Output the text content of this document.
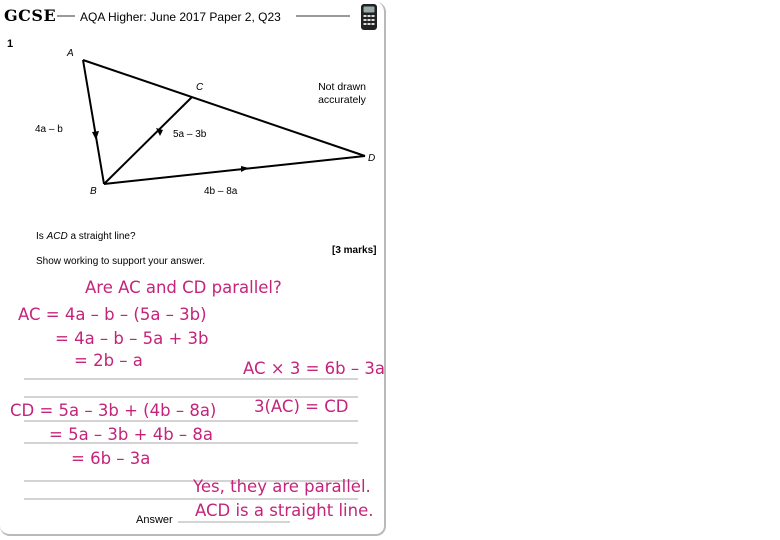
GCSE AQA Higher: June 2017 Paper 2, Q23
1
A
C
D
B
4a – b	5a – 3b
4b – 8a
Not drawn accurately
Is ACD a straight line?
[3 marks]
Show working to support your answer.
Answer
Are AC and CD parallel?
AC = 4a – b – (5a – 3b)
= 4a – b – 5a + 3b
= 2b – a	AC × 3 = 6b – 3a
3(AC) = CD
CD = 5a – 3b + (4b – 8a)
= 5a – 3b + 4b – 8a
= 6b – 3a
Yes, they are parallel.
ACD is a straight line.
